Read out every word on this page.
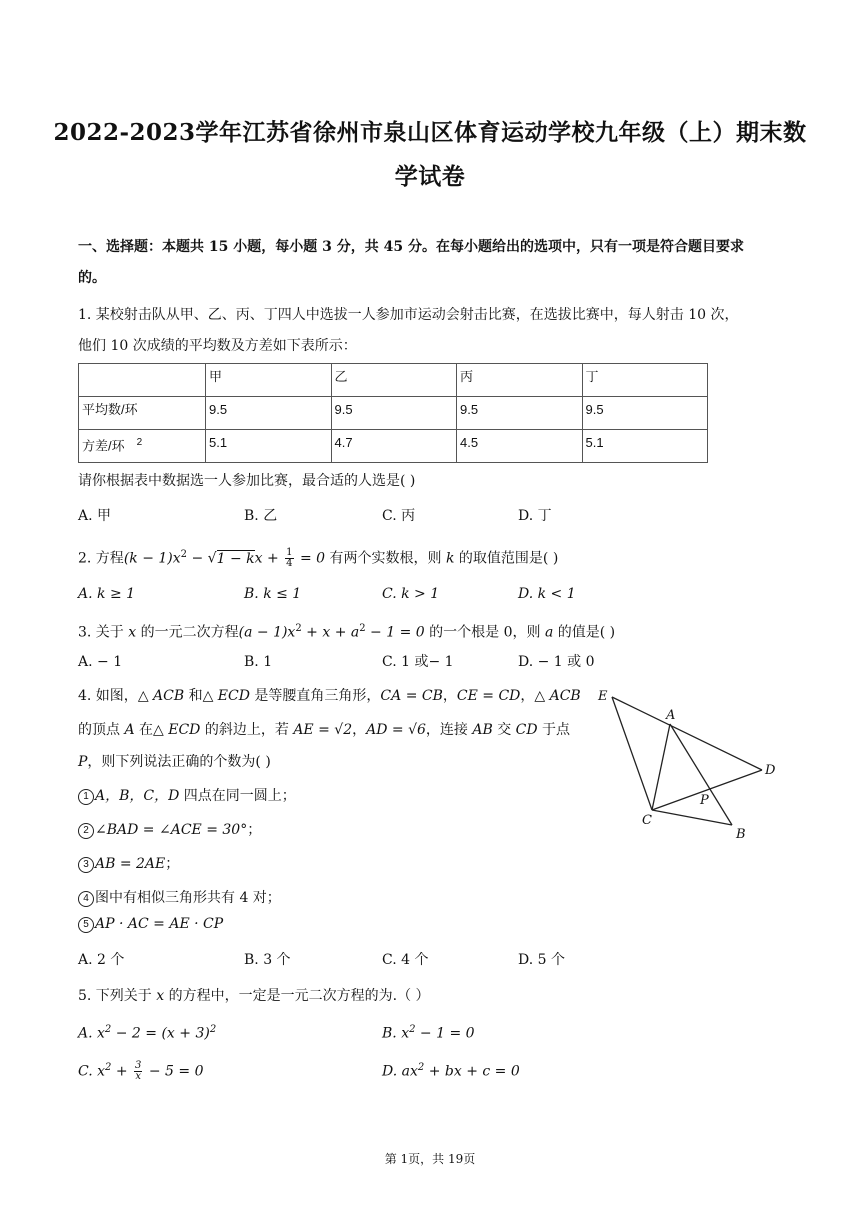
2022-2023学年江苏省徐州市泉山区体育运动学校九年级（上）期末数
学试卷
一、选择题：本题共 15 小题，每小题 3 分，共 45 分。在每小题给出的选项中，只有一项是符合题目要求
的。
1. 某校射击队从甲、乙、丙、丁四人中选拔一人参加市运动会射击比赛，在选拔比赛中，每人射击 10 次，
他们 10 次成绩的平均数及方差如下表所示：
	甲	乙	丙	丁
平均数/环	9.5	9.5	9.5	9.5
方差/环 $^2$	5.1	4.7	4.5	5.1
请你根据表中数据选一人参加比赛，最合适的人选是( )
A. 甲	B. 乙	C. 丙	D. 丁
2. 方程$(k - 1)x^2 - √1$ − kx + $\frac{1}{4} = 0$ 有两个实数根，则 k 的取值范围是( )
A. k ≥ 1	B. k ≤ 1	C. k > 1	D. k < 1
3. 关于 x 的一元二次方程$(a - 1)x^2 + x + a^2 - 1 = 0$ 的一个根是 0，则 a 的值是( )
A. − 1	B. 1	C. 1 或− 1	D. − 1 或 0
4. 如图，△ ACB 和△ ECD 是等腰直角三角形，CA = CB，CE = CD，△ ACB
的顶点 A 在△ ECD 的斜边上，若 AE = √2，AD = √6，连接 AB 交 CD 于点
P，则下列说法正确的个数为( )
1 A，B，C，D 四点在同一圆上；
2 ∠BAD = ∠ACE = 30°；
3 AB = 2AE；
4 图中有相似三角形共有 4 对；
5 AP · AC = AE · CP
A. 2 个	B. 3 个	C. 4 个	D. 5 个
E
A
D
P
C
B
5. 下列关于 x 的方程中，一定是一元二次方程的为.（ ）
A. $x^2 - 2 = (x + 3)^2$	B. $x^2 - 1 = 0$
C. $x^2 + \frac{3}{x} - 5 = 0$	D. $ax^2$ + bx + c = 0
第 1页，共 19页
